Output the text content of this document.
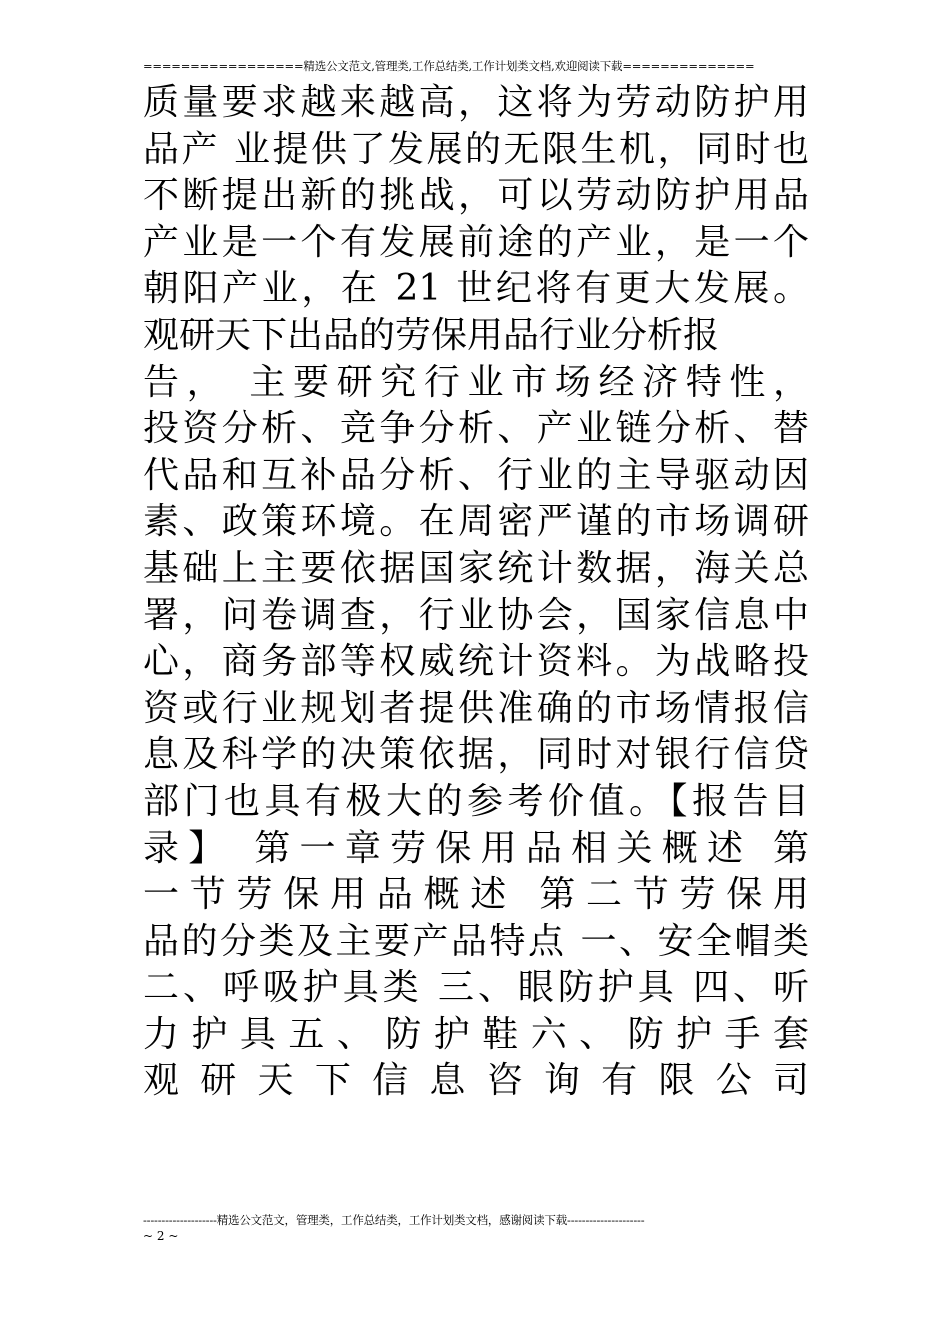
=================精选公文范文,管理类,工作总结类,工作计划类文档,欢迎阅读下载==============
质量要求越来越高，这将为劳动防护用
品产 业提供了发展的无限生机，同时也
不断提出新的挑战，可以劳动防护用品
产业是一个有发展前途的产业，是一个
朝阳产业，在 21 世纪将有更大发展。
观研天下出品的劳保用品行业分析报
告， 主要研究行业市场经济特性，
投资分析、竞争分析、产业链分析、替
代品和互补品分析、行业的主导驱动因
素、政策环境。在周密严谨的市场调研
基础上主要依据国家统计数据，海关总
署，问卷调查，行业协会，国家信息中
心，商务部等权威统计资料。为战略投
资或行业规划者提供准确的市场情报信
息及科学的决策依据，同时对银行信贷
部门也具有极大的参考价值。【报告目
录】 第一章劳保用品相关概述 第
一节劳保用品概述 第二节劳保用
品的分类及主要产品特点 一、安全帽类
二、呼吸护具类 三、眼防护具 四、听
力 护 具 五 、 防 护 鞋 六 、 防 护 手 套
观 研 天 下 信 息 咨 询 有 限 公 司
--------------------精选公文范文，管理类，工作总结类，工作计划类文档，感谢阅读下载---------------------
~ 2 ~
